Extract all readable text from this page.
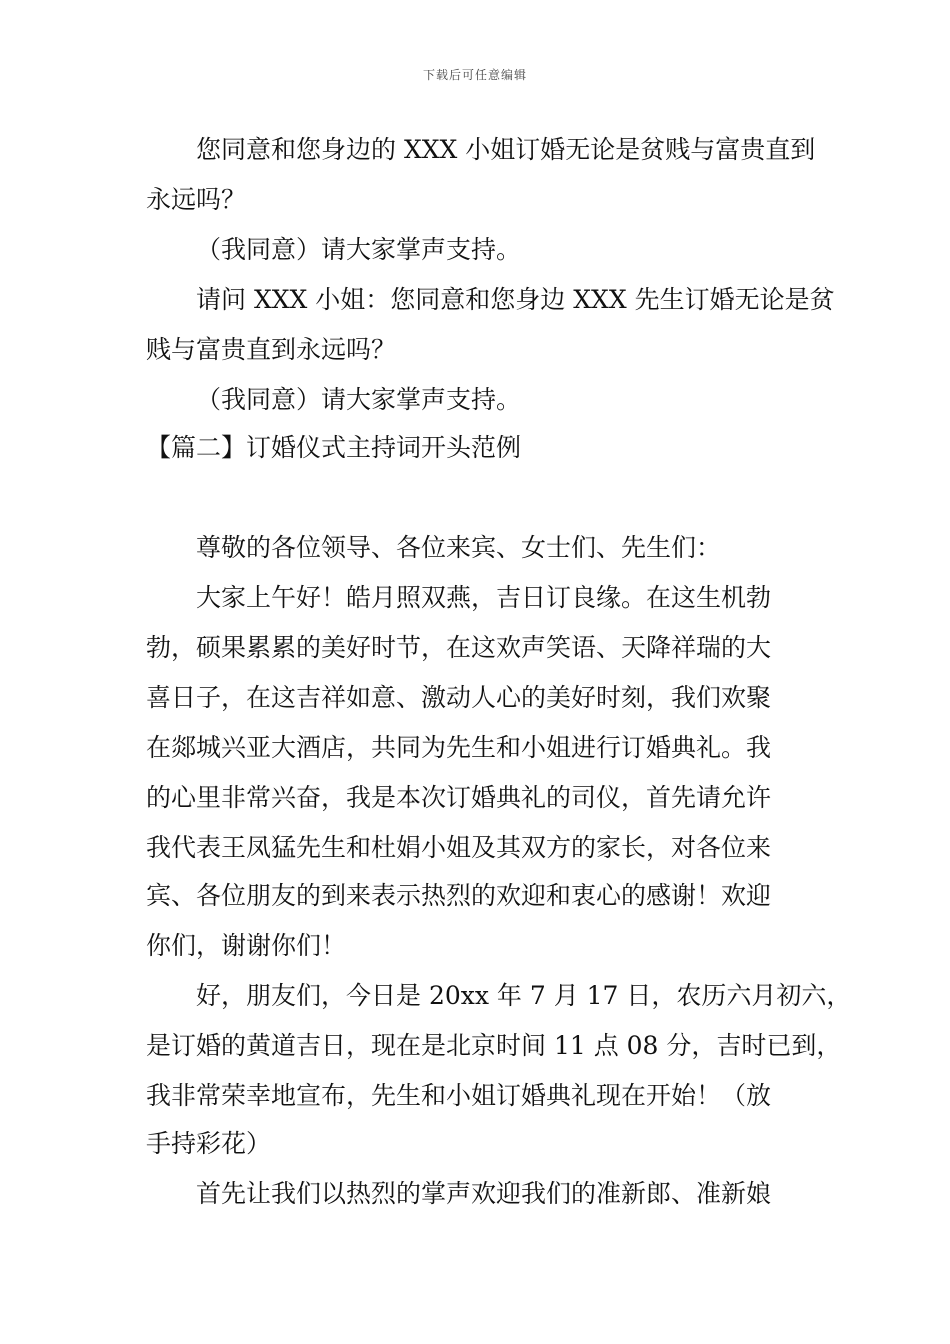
下载后可任意编辑
您同意和您身边的 XXX 小姐订婚无论是贫贱与富贵直到
永远吗？
（我同意）请大家掌声支持。
请问 XXX 小姐：您同意和您身边 XXX 先生订婚无论是贫
贱与富贵直到永远吗？
（我同意）请大家掌声支持。
【篇二】订婚仪式主持词开头范例
尊敬的各位领导、各位来宾、女士们、先生们：
大家上午好！皓月照双燕，吉日订良缘。在这生机勃
勃，硕果累累的美好时节，在这欢声笑语、天降祥瑞的大
喜日子，在这吉祥如意、激动人心的美好时刻，我们欢聚
在郯城兴亚大酒店，共同为先生和小姐进行订婚典礼。我
的心里非常兴奋，我是本次订婚典礼的司仪，首先请允许
我代表王凤猛先生和杜娟小姐及其双方的家长，对各位来
宾、各位朋友的到来表示热烈的欢迎和衷心的感谢！欢迎
你们，谢谢你们！
好，朋友们，今日是 20xx 年 7 月 17 日，农历六月初六，
是订婚的黄道吉日，现在是北京时间 11 点 08 分，吉时已到，
我非常荣幸地宣布，先生和小姐订婚典礼现在开始！（放
手持彩花）
首先让我们以热烈的掌声欢迎我们的准新郎、准新娘
